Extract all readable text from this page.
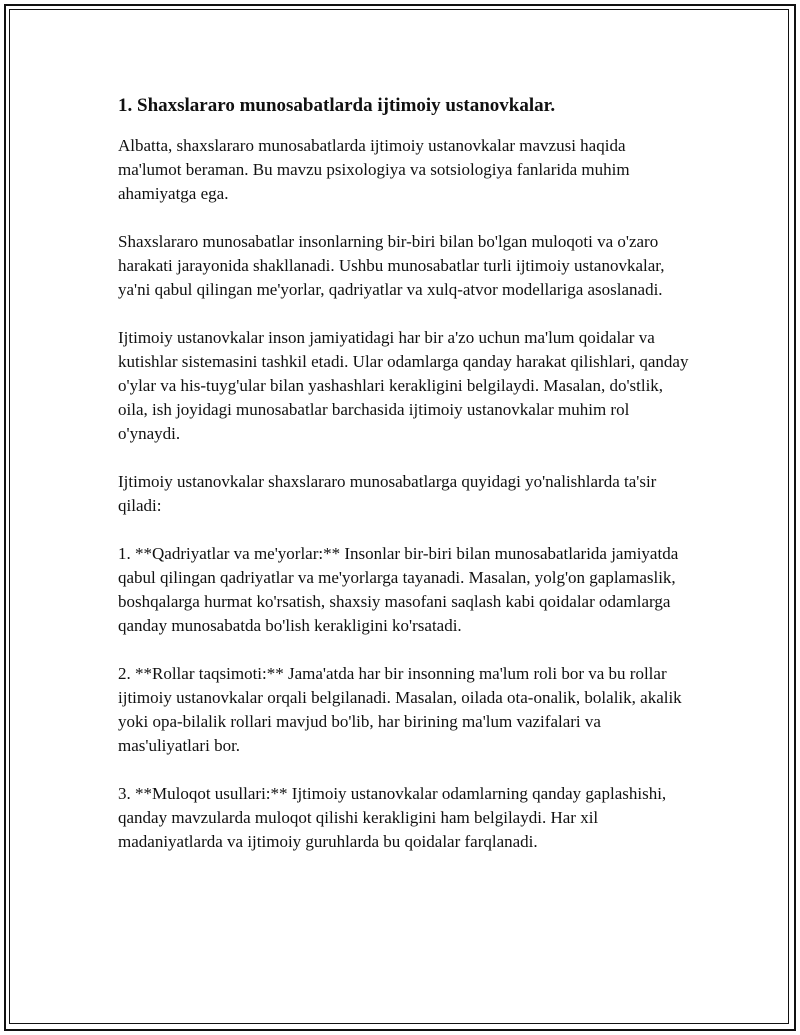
1. Shaxslararo munosabatlarda ijtimoiy ustanovkalar.

Albatta, shaxslararo munosabatlarda ijtimoiy ustanovkalar mavzusi haqida ma'lumot beraman. Bu mavzu psixologiya va sotsiologiya fanlarida muhim ahamiyatga ega.

Shaxslararo munosabatlar insonlarning bir-biri bilan bo'lgan muloqoti va o'zaro harakati jarayonida shakllanadi. Ushbu munosabatlar turli ijtimoiy ustanovkalar, ya'ni qabul qilingan me'yorlar, qadriyatlar va xulq-atvor modellariga asoslanadi.

Ijtimoiy ustanovkalar inson jamiyatidagi har bir a'zo uchun ma'lum qoidalar va kutishlar sistemasini tashkil etadi. Ular odamlarga qanday harakat qilishlari, qanday o'ylar va his-tuyg'ular bilan yashashlari kerakligini belgilaydi. Masalan, do'stlik, oila, ish joyidagi munosabatlar barchasida ijtimoiy ustanovkalar muhim rol o'ynaydi.

Ijtimoiy ustanovkalar shaxslararo munosabatlarga quyidagi yo'nalishlarda ta'sir qiladi:

1. **Qadriyatlar va me'yorlar:** Insonlar bir-biri bilan munosabatlarida jamiyatda qabul qilingan qadriyatlar va me'yorlarga tayanadi. Masalan, yolg'on gaplamaslik, boshqalarga hurmat ko'rsatish, shaxsiy masofani saqlash kabi qoidalar odamlarga qanday munosabatda bo'lish kerakligini ko'rsatadi.

2. **Rollar taqsimoti:** Jama'atda har bir insonning ma'lum roli bor va bu rollar ijtimoiy ustanovkalar orqali belgilanadi. Masalan, oilada ota-onalik, bolalik, akalik yoki opa-bilalik rollari mavjud bo'lib, har birining ma'lum vazifalari va mas'uliyatlari bor.

3. **Muloqot usullari:** Ijtimoiy ustanovkalar odamlarning qanday gaplashishi, qanday mavzularda muloqot qilishi kerakligini ham belgilaydi. Har xil madaniyatlarda va ijtimoiy guruhlarda bu qoidalar farqlanadi.
